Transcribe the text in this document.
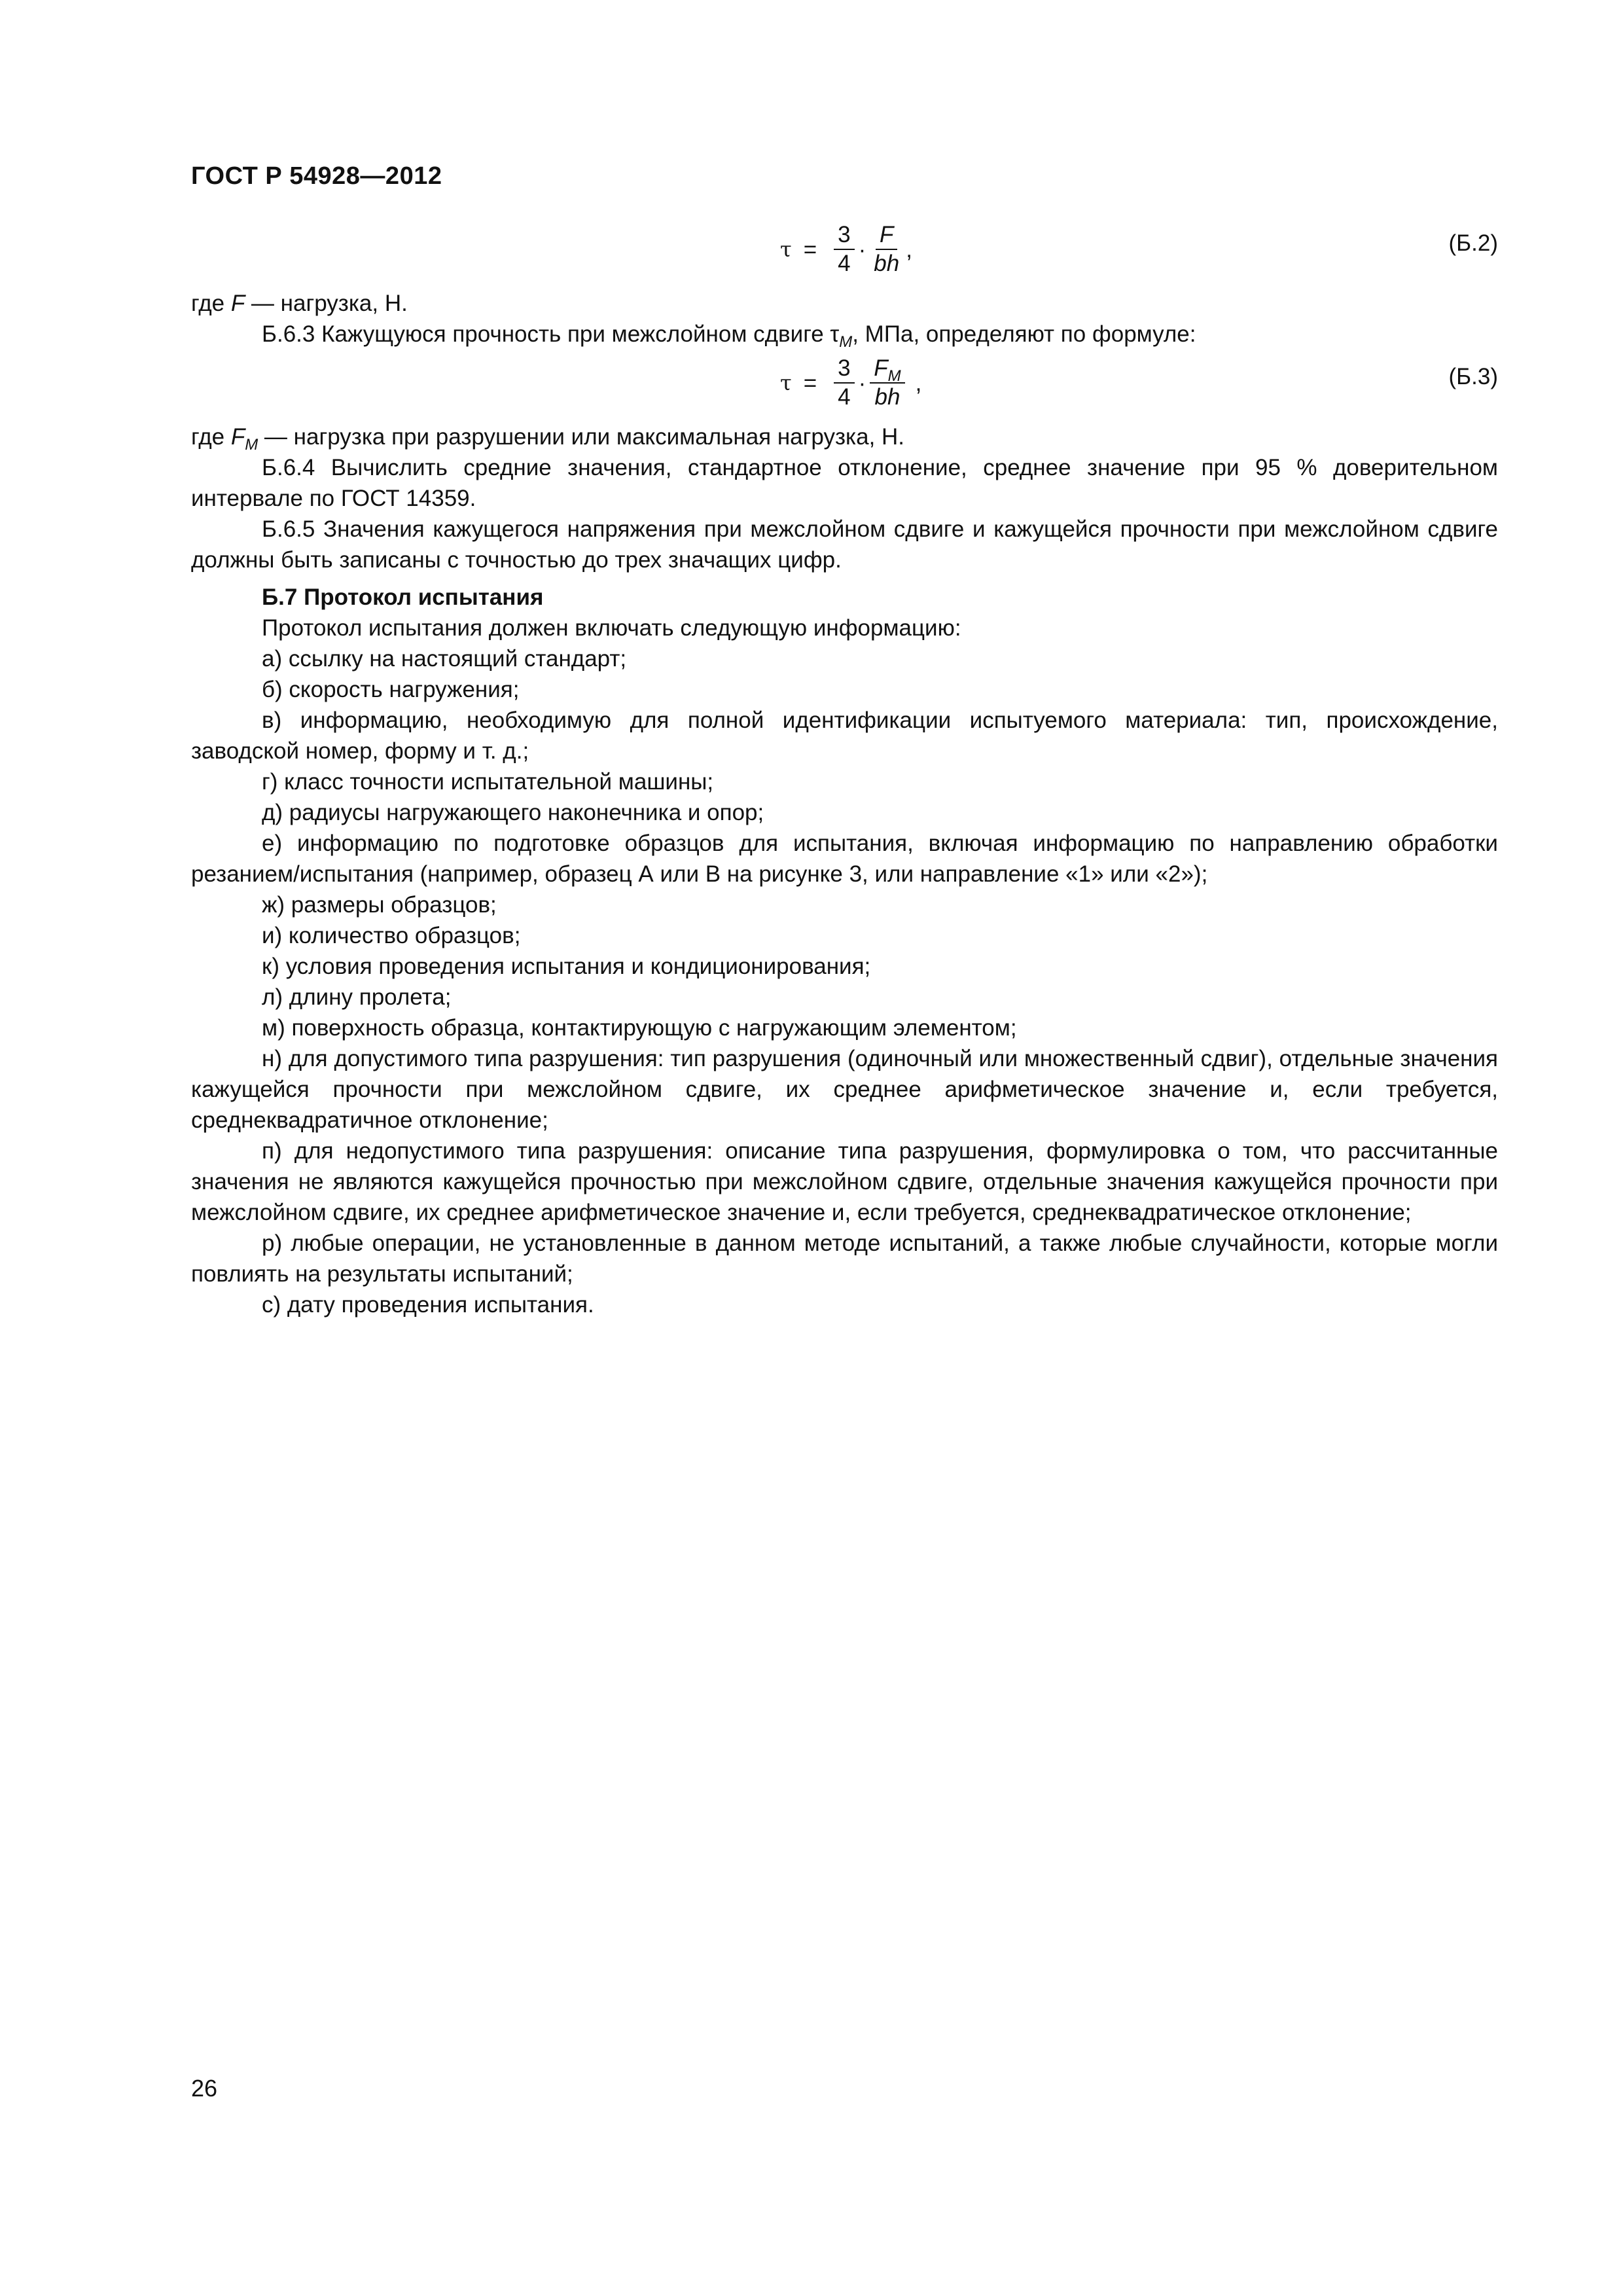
ГОСТ Р 54928—2012
$\tau = \frac{3}{4} \cdot \frac{F}{bh}$ ,	(Б.2)

где F — нагрузка, Н.

Б.6.3 Кажущуюся прочность при межслойном сдвиге $\tau_M$, МПа, определяют по формуле:

$\tau = \frac{3}{4} \cdot \frac{F_M}{bh}$ ,	(Б.3)

где $F_M$ — нагрузка при разрушении или максимальная нагрузка, Н.

Б.6.4 Вычислить средние значения, стандартное отклонение, среднее значение при 95 % доверительном интервале по ГОСТ 14359.

Б.6.5 Значения кажущегося напряжения при межслойном сдвиге и кажущейся прочности при межслойном сдвиге должны быть записаны с точностью до трех значащих цифр.

Б.7 Протокол испытания

Протокол испытания должен включать следующую информацию:

а) ссылку на настоящий стандарт;

б) скорость нагружения;

в) информацию, необходимую для полной идентификации испытуемого материала: тип, происхождение, заводской номер, форму и т. д.;

г) класс точности испытательной машины;

д) радиусы нагружающего наконечника и опор;

е) информацию по подготовке образцов для испытания, включая информацию по направлению обработки резанием/испытания (например, образец А или В на рисунке 3, или направление «1» или «2»);

ж) размеры образцов;

и) количество образцов;

к) условия проведения испытания и кондиционирования;

л) длину пролета;

м) поверхность образца, контактирующую с нагружающим элементом;

н) для допустимого типа разрушения: тип разрушения (одиночный или множественный сдвиг), отдельные значения кажущейся прочности при межслойном сдвиге, их среднее арифметическое значение и, если требуется, среднеквадратичное отклонение;

п) для недопустимого типа разрушения: описание типа разрушения, формулировка о том, что рассчитанные значения не являются кажущейся прочностью при межслойном сдвиге, отдельные значения кажущейся прочности при межслойном сдвиге, их среднее арифметическое значение и, если требуется, среднеквадратическое отклонение;

р) любые операции, не установленные в данном методе испытаний, а также любые случайности, которые могли повлиять на результаты испытаний;

с) дату проведения испытания.

26
